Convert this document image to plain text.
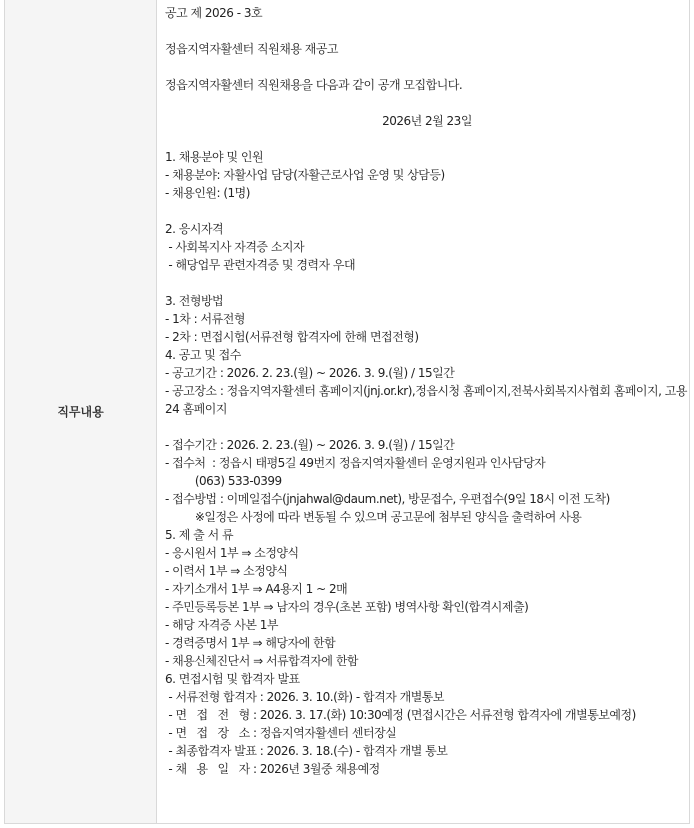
직무내용
공고 제 2026 - 3호
정읍지역자활센터 직원채용 재공고
정읍지역자활센터 직원채용을 다음과 같이 공개 모집합니다.
2026년 2월 23일
1. 채용분야 및 인원
- 채용분야: 자활사업 담당(자활근로사업 운영 및 상담등)
- 채용인원: (1명)
2. 응시자격
- 사회복지사 자격증 소지자
- 해당업무 관련자격증 및 경력자 우대
3. 전형방법
- 1차 : 서류전형
- 2차 : 면접시험(서류전형 합격자에 한해 면접전형)
4. 공고 및 접수
- 공고기간 : 2026. 2. 23.(월) ~ 2026. 3. 9.(월) / 15일간
- 공고장소 : 정읍지역자활센터 홈페이지(jnj.or.kr),정읍시청 홈페이지,전북사회복지사협회 홈페이지, 고용24 홈페이지
- 접수기간 : 2026. 2. 23.(월) ~ 2026. 3. 9.(월) / 15일간
- 접수처  : 정읍시 태평5길 49번지 정읍지역자활센터 운영지원과 인사담당자
(063) 533-0399
- 접수방법 : 이메일접수(jnjahwal@daum.net), 방문접수, 우편접수(9일 18시 이전 도착)
※일정은 사정에 따라 변동될 수 있으며 공고문에 첨부된 양식을 출력하여 사용
5. 제 출 서 류
- 응시원서 1부 ⇒ 소정양식
- 이력서 1부 ⇒ 소정양식
- 자기소개서 1부 ⇒ A4용지 1 ~ 2매
- 주민등록등본 1부 ⇒ 남자의 경우(초본 포함) 병역사항 확인(합격시제출)
- 해당 자격증 사본 1부
- 경력증명서 1부 ⇒ 해당자에 한함
- 채용신체진단서 ⇒ 서류합격자에 한함
6. 면접시험 및 합격자 발표
- 서류전형 합격자 : 2026. 3. 10.(화) - 합격자 개별통보
- 면   접   전   형 : 2026. 3. 17.(화) 10:30예정 (면접시간은 서류전형 합격자에 개별통보예정)
- 면   접   장   소 : 정읍지역자활센터 센터장실
- 최종합격자 발표 : 2026. 3. 18.(수) - 합격자 개별 통보
- 채   용   일   자 : 2026년 3월중 채용예정
